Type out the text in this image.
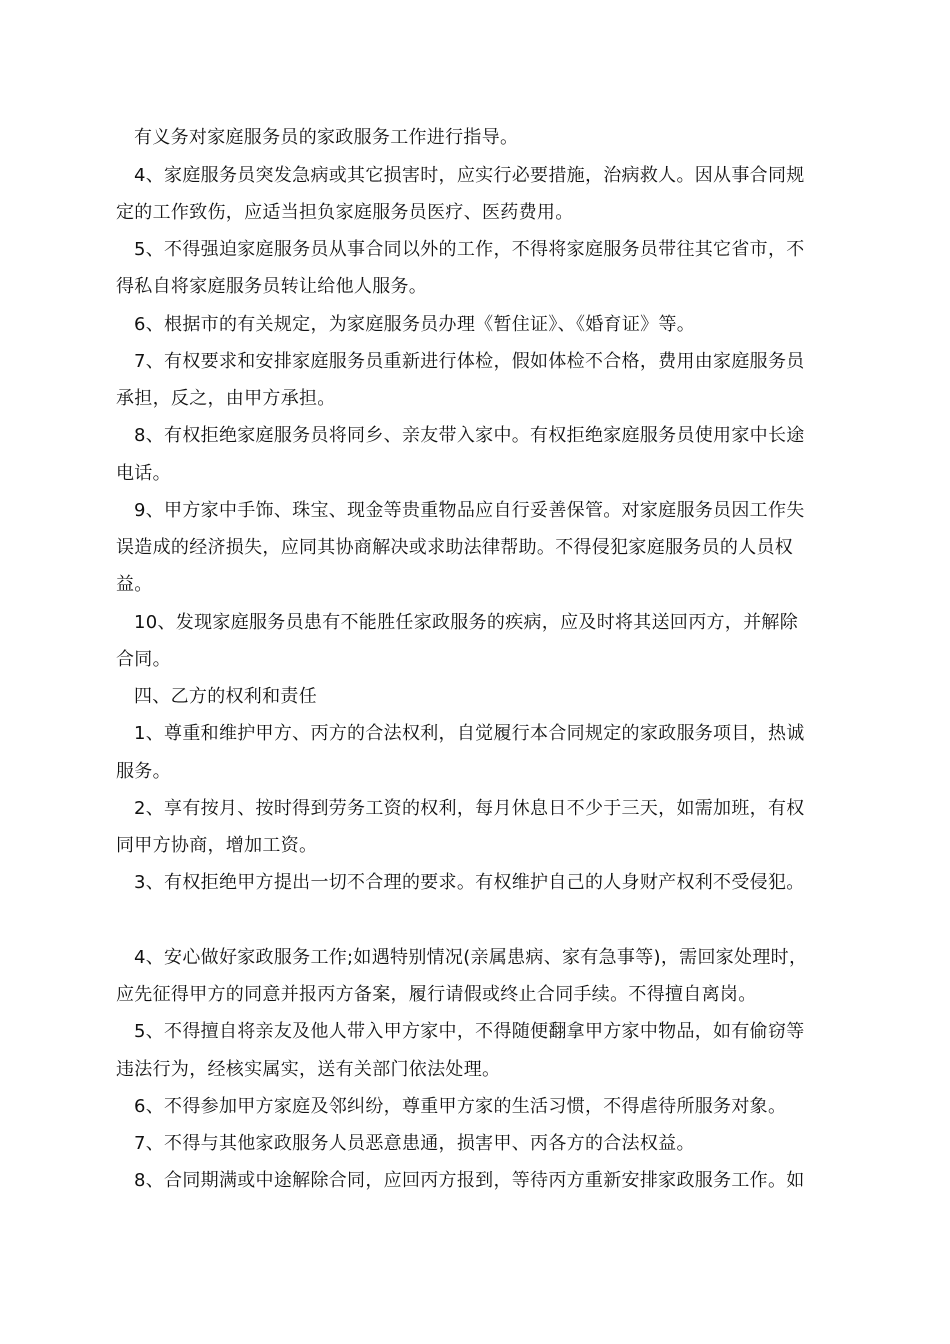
有义务对家庭服务员的家政服务工作进行指导。
4、家庭服务员突发急病或其它损害时，应实行必要措施，治病救人。因从事合同规
定的工作致伤，应适当担负家庭服务员医疗、医药费用。
5、不得强迫家庭服务员从事合同以外的工作，不得将家庭服务员带往其它省市，不
得私自将家庭服务员转让给他人服务。
6、根据市的有关规定，为家庭服务员办理《暂住证》、《婚育证》等。
7、有权要求和安排家庭服务员重新进行体检，假如体检不合格，费用由家庭服务员
承担，反之，由甲方承担。
8、有权拒绝家庭服务员将同乡、亲友带入家中。有权拒绝家庭服务员使用家中长途
电话。
9、甲方家中手饰、珠宝、现金等贵重物品应自行妥善保管。对家庭服务员因工作失
误造成的经济损失，应同其协商解决或求助法律帮助。不得侵犯家庭服务员的人员权
益。
10、发现家庭服务员患有不能胜任家政服务的疾病，应及时将其送回丙方，并解除
合同。
四、乙方的权利和责任
1、尊重和维护甲方、丙方的合法权利，自觉履行本合同规定的家政服务项目，热诚
服务。
2、享有按月、按时得到劳务工资的权利，每月休息日不少于三天，如需加班，有权
同甲方协商，增加工资。
3、有权拒绝甲方提出一切不合理的要求。有权维护自己的人身财产权利不受侵犯。
4、安心做好家政服务工作;如遇特别情况(亲属患病、家有急事等)，需回家处理时，
应先征得甲方的同意并报丙方备案，履行请假或终止合同手续。不得擅自离岗。
5、不得擅自将亲友及他人带入甲方家中，不得随便翻拿甲方家中物品，如有偷窃等
违法行为，经核实属实，送有关部门依法处理。
6、不得参加甲方家庭及邻纠纷，尊重甲方家的生活习惯，不得虐待所服务对象。
7、不得与其他家政服务人员恶意患通，损害甲、丙各方的合法权益。
8、合同期满或中途解除合同，应回丙方报到，等待丙方重新安排家政服务工作。如
